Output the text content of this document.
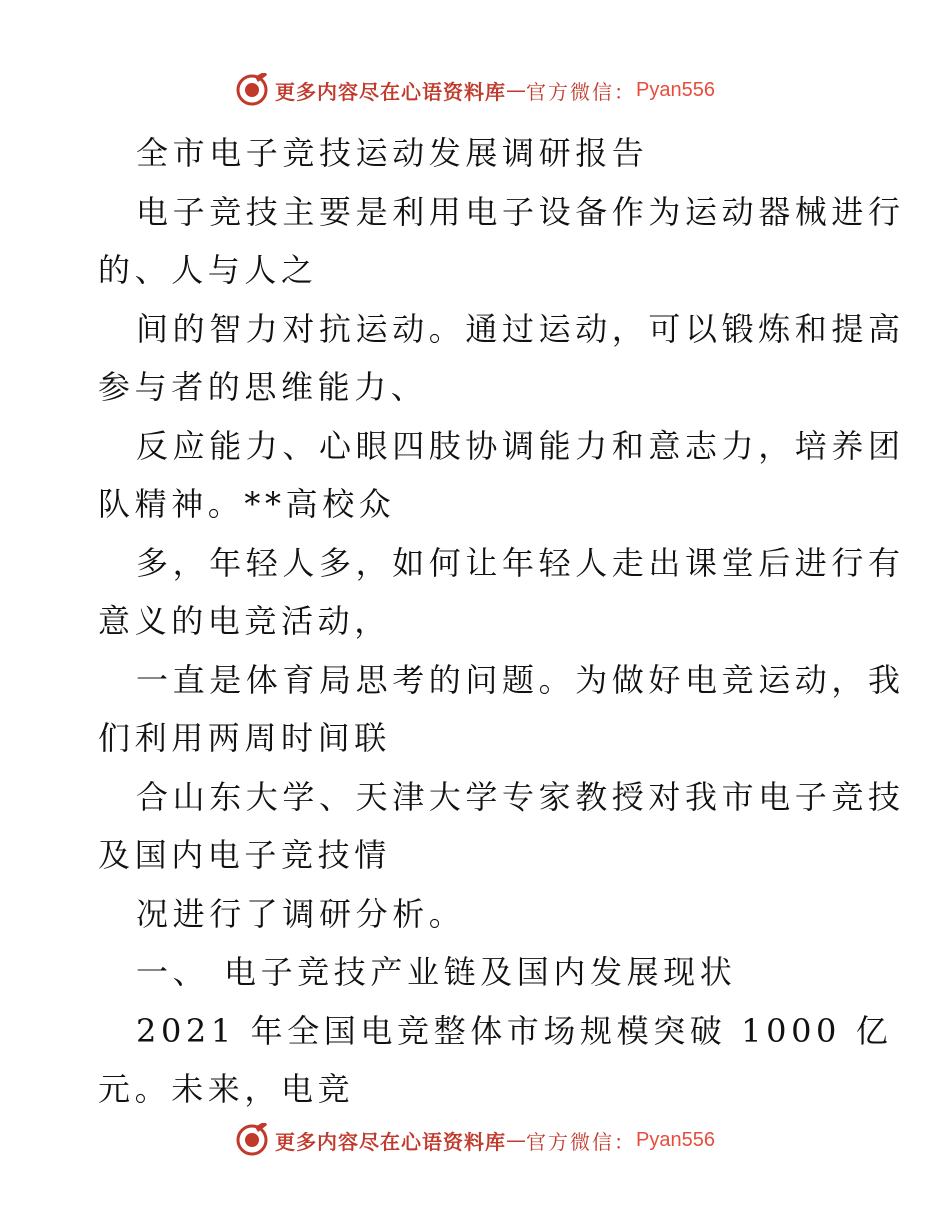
更多内容尽在心语资料库 — 官方微信： Pyan556
全市电子竞技运动发展调研报告
电子竞技主要是利用电子设备作为运动器械进行
的、人与人之
间的智力对抗运动。通过运动，可以锻炼和提高
参与者的思维能力、
反应能力、心眼四肢协调能力和意志力，培养团
队精神。**高校众
多，年轻人多，如何让年轻人走出课堂后进行有
意义的电竞活动，
一直是体育局思考的问题。为做好电竞运动，我
们利用两周时间联
合山东大学、天津大学专家教授对我市电子竞技
及国内电子竞技情
况进行了调研分析。
一、 电子竞技产业链及国内发展现状
2021 年全国电竞整体市场规模突破 1000 亿
元。未来，电竞
更多内容尽在心语资料库 — 官方微信： Pyan556
